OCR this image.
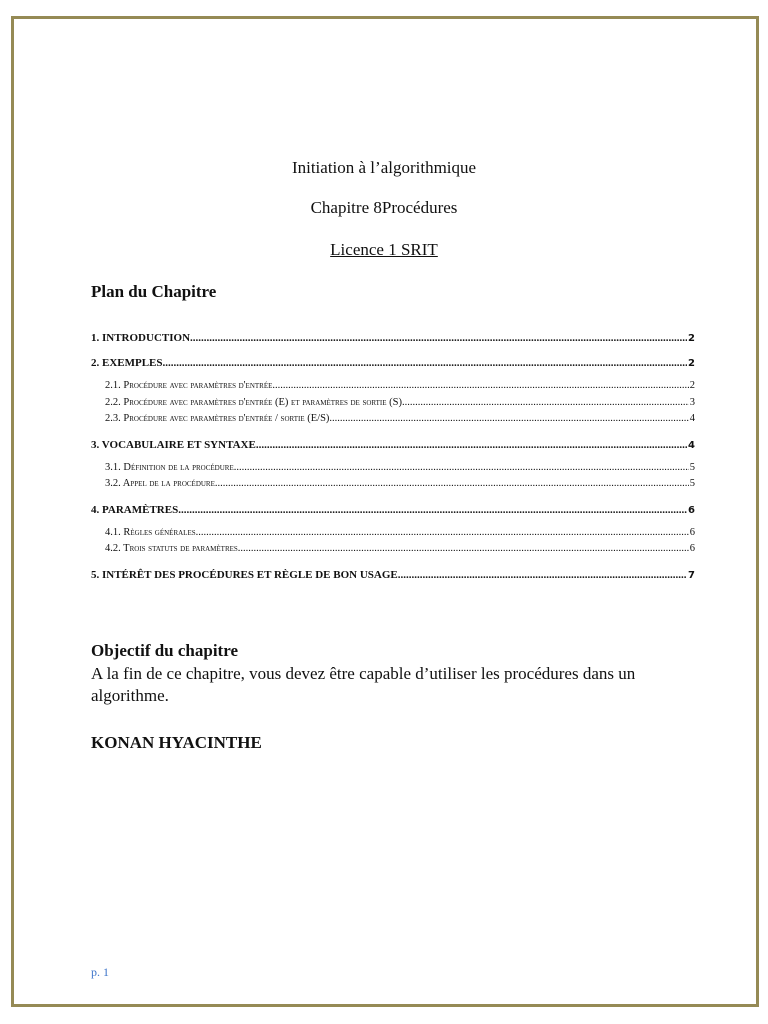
Initiation à l’algorithmique
Chapitre 8Procédures
Licence 1 SRIT
Plan du Chapitre
1. INTRODUCTION .....	2
2. EXEMPLES .....	2
2.1. Procédure avec paramètres d'entrée .....	2
2.2. Procédure avec paramètres d'entrée (E) et paramètres de sortie (S) .....	3
2.3. Procédure avec paramètres d'entrée / sortie (E/S) .....	4
3. VOCABULAIRE ET SYNTAXE .....	4
3.1. Définition de la procédure .....	5
3.2. Appel de la procédure .....	5
4. PARAMÈTRES .....	6
4.1. Règles générales .....	6
4.2. Trois statuts de paramètres .....	6
5. INTÉRÊT DES PROCÉDURES ET RÈGLE DE BON USAGE .....	7
Objectif du chapitre
A la fin de ce chapitre, vous devez être capable d’utiliser les procédures dans un algorithme.
KONAN HYACINTHE
p. 1
